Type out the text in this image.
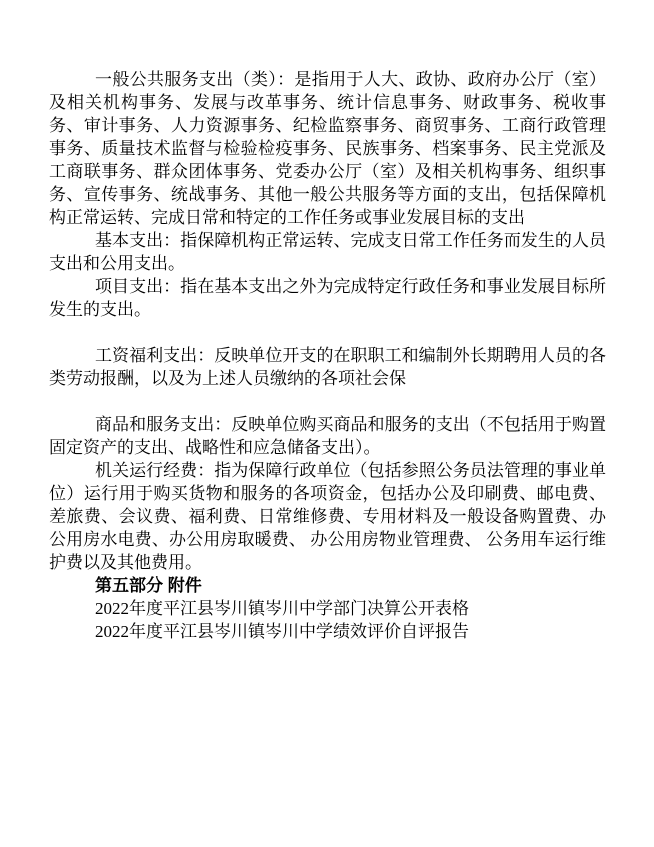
一般公共服务支出（类）：是指用于人大、政协、政府办公厅（室）及相关机构事务、发展与改革事务、统计信息事务、财政事务、税收事务、审计事务、人力资源事务、纪检监察事务、商贸事务、工商行政管理事务、质量技术监督与检验检疫事务、民族事务、档案事务、民主党派及工商联事务、群众团体事务、党委办公厅（室）及相关机构事务、组织事务、宣传事务、统战事务、其他一般公共服务等方面的支出，包括保障机构正常运转、完成日常和特定的工作任务或事业发展目标的支出

基本支出：指保障机构正常运转、完成支日常工作任务而发生的人员支出和公用支出。

项目支出：指在基本支出之外为完成特定行政任务和事业发展目标所发生的支出。

工资福利支出：反映单位开支的在职职工和编制外长期聘用人员的各类劳动报酬，以及为上述人员缴纳的各项社会保

商品和服务支出：反映单位购买商品和服务的支出（不包括用于购置固定资产的支出、战略性和应急储备支出）。

机关运行经费：指为保障行政单位（包括参照公务员法管理的事业单位）运行用于购买货物和服务的各项资金，包括办公及印刷费、邮电费、差旅费、会议费、福利费、日常维修费、专用材料及一般设备购置费、办公用房水电费、办公用房取暖费、 办公用房物业管理费、 公务用车运行维护费以及其他费用。

第五部分 附件

2022年度平江县岑川镇岑川中学部门决算公开表格

2022年度平江县岑川镇岑川中学绩效评价自评报告
